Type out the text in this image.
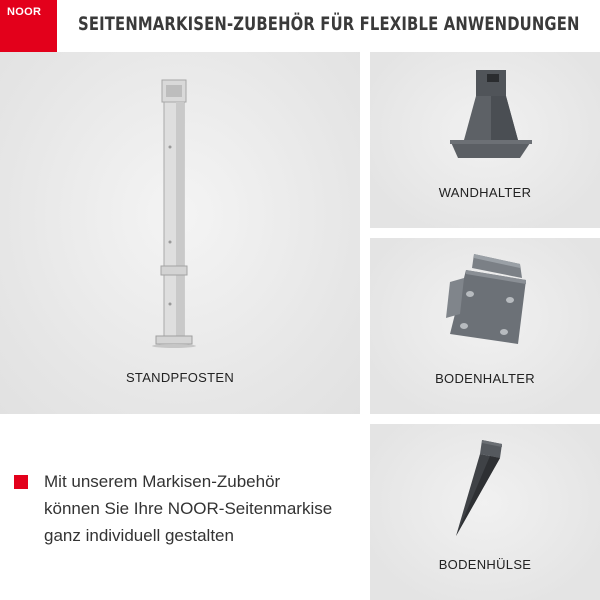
NOOR
SEITENMARKISEN-ZUBEHÖR FÜR FLEXIBLE ANWENDUNGEN
STANDPFOSTEN
WANDHALTER
BODENHALTER
BODENHÜLSE
Mit unserem Markisen-Zubehör
können Sie Ihre NOOR-Seitenmarkise
ganz individuell gestalten
